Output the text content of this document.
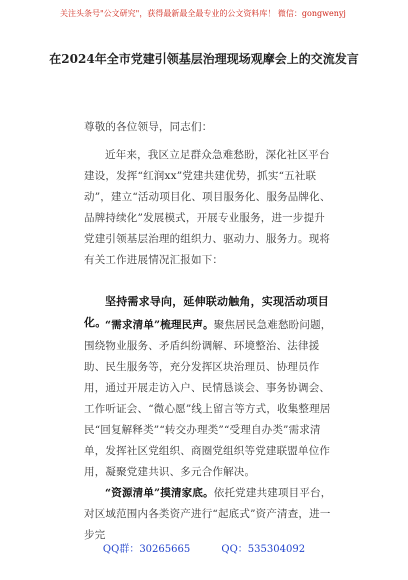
关注头条号"公文研究"，获得最新最全最专业的公文资料库！ 微信：gongwenyj
在2024年全市党建引领基层治理现场观摩会上的交流发言
尊敬的各位领导，同志们：
近年来，我区立足群众急难愁盼，深化社区平台建设，发挥“红润xx”党建共建优势，抓实“五社联动”，建立“活动项目化、项目服务化、服务品牌化、品牌持续化”发展模式，开展专业服务，进一步提升党建引领基层治理的组织力、驱动力、服务力。现将有关工作进展情况汇报如下：
坚持需求导向，延伸联动触角，实现活动项目化。
“需求清单”梳理民声。聚焦居民急难愁盼问题，围绕物业服务、矛盾纠纷调解、环境整治、法律援助、民生服务等，充分发挥区块治理员、协理员作用，通过开展走访入户、民情恳谈会、事务协调会、工作听证会、“微心愿”线上留言等方式，收集整理居民“回复解释类”“转交办理类”“受理自办类”需求清单，发挥社区党组织、商圈党组织等党建联盟单位作用，凝聚党建共识、多元合作解决。
“资源清单”摸清家底。依托党建共建项目平台，对区域范围内各类资产进行“起底式”资产清查，进一步完
QQ群：30265665	QQ：535304092
